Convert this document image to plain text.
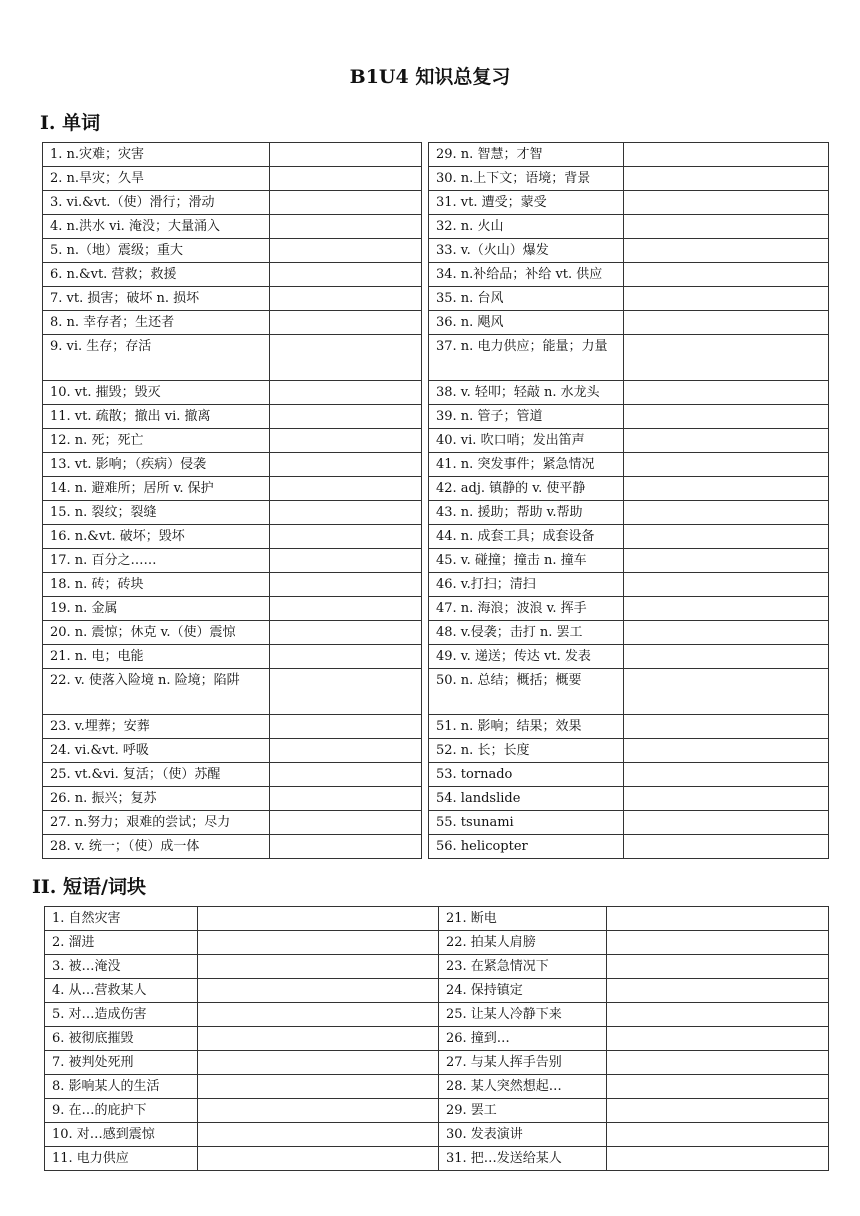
B1U4 知识总复习
I. 单词
1. n.灾难；灾害			29. n. 智慧；才智	
2. n.旱灾；久旱			30. n.上下文；语境；背景	
3. vi.&vt.（使）滑行；滑动			31. vt. 遭受；蒙受	
4. n.洪水 vi. 淹没；大量涌入			32. n. 火山	
5. n.（地）震级；重大			33. v.（火山）爆发	
6. n.&vt. 营救；救援			34. n.补给品；补给 vt. 供应	
7. vt. 损害；破坏 n. 损坏			35. n. 台风	
8. n. 幸存者；生还者			36. n. 飓风	
9. vi. 生存；存活			37. n. 电力供应；能量；力量	
10. vt. 摧毁；毁灭			38. v. 轻叩；轻敲 n. 水龙头	
11. vt. 疏散；撤出 vi. 撤离			39. n. 管子；管道	
12. n. 死；死亡			40. vi. 吹口哨；发出笛声	
13. vt. 影响；（疾病）侵袭			41. n. 突发事件；紧急情况	
14. n. 避难所；居所 v. 保护			42. adj. 镇静的 v. 使平静	
15. n. 裂纹；裂缝			43. n. 援助；帮助 v.帮助	
16. n.&vt. 破坏；毁坏			44. n. 成套工具；成套设备	
17. n. 百分之……			45. v. 碰撞；撞击 n. 撞车	
18. n. 砖；砖块			46. v.打扫；清扫	
19. n. 金属			47. n. 海浪；波浪 v. 挥手	
20. n. 震惊；休克 v.（使）震惊			48. v.侵袭；击打 n. 罢工	
21. n. 电；电能			49. v. 递送；传达 vt. 发表	
22. v. 使落入险境 n. 险境；陷阱			50. n. 总结；概括；概要	
23. v.埋葬；安葬			51. n. 影响；结果；效果	
24. vi.&vt. 呼吸			52. n. 长；长度	
25. vt.&vi. 复活；（使）苏醒			53. tornado	
26. n. 振兴；复苏			54. landslide	
27. n.努力；艰难的尝试；尽力			55. tsunami	
28. v. 统一；（使）成一体			56. helicopter	
II. 短语/词块
1. 自然灾害			21. 断电	
2. 溜进			22. 拍某人肩膀	
3. 被…淹没			23. 在紧急情况下	
4. 从…营救某人			24. 保持镇定	
5. 对…造成伤害			25. 让某人冷静下来	
6. 被彻底摧毁			26. 撞到…	
7. 被判处死刑			27. 与某人挥手告别	
8. 影响某人的生活			28. 某人突然想起…	
9. 在…的庇护下			29. 罢工	
10. 对…感到震惊			30. 发表演讲	
11. 电力供应			31. 把…发送给某人	
